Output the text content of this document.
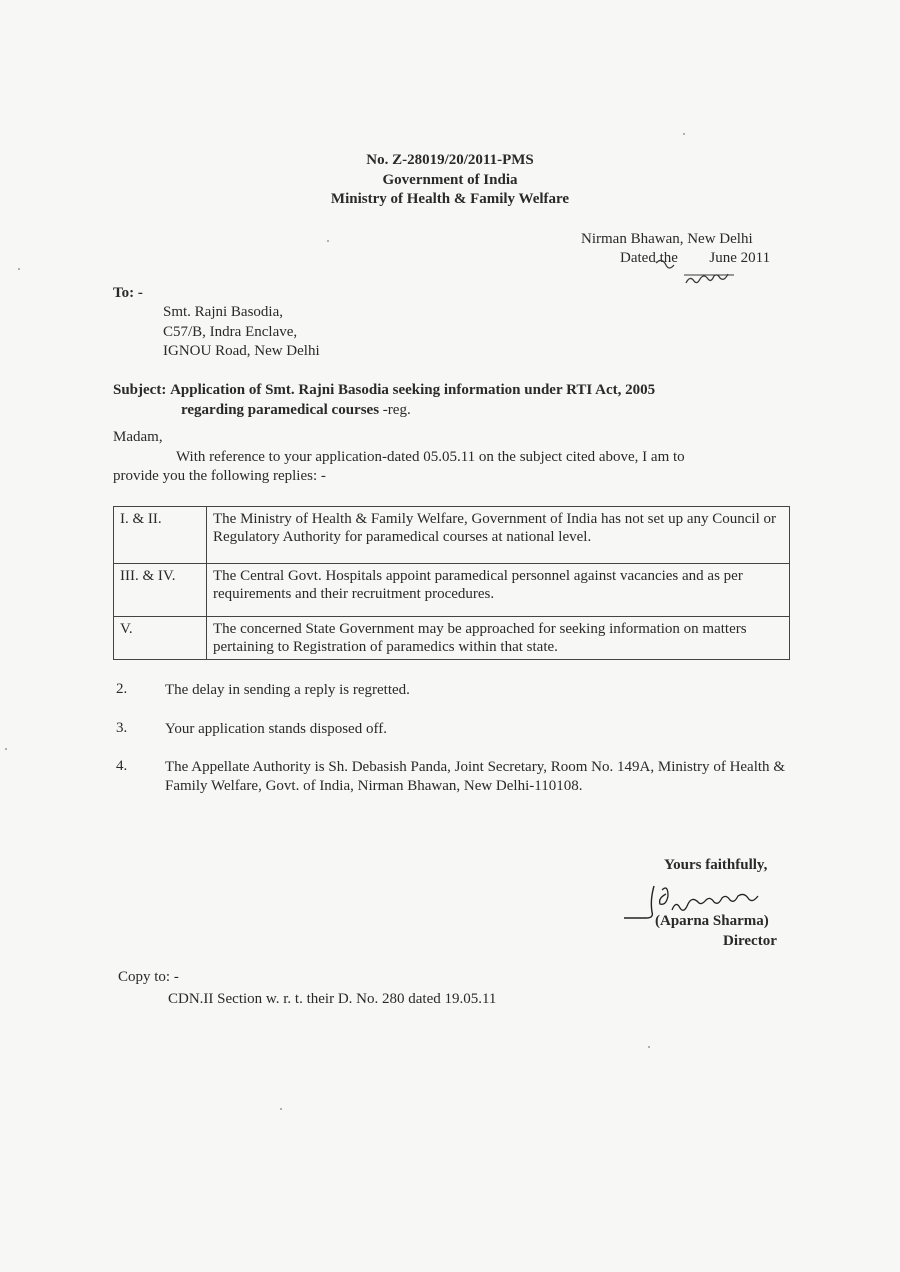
No. Z-28019/20/2011-PMS
Government of India
Ministry of Health & Family Welfare
Nirman Bhawan, New Delhi
Dated the June 2011
To: -
Smt. Rajni Basodia,
C57/B, Indra Enclave,
IGNOU Road, New Delhi
Subject: Application of Smt. Rajni Basodia seeking information under RTI Act, 2005
regarding paramedical courses -reg.
Madam,
With reference to your application-dated 05.05.11 on the subject cited above, I am to
provide you the following replies: -
I. & II.	The Ministry of Health & Family Welfare, Government of India has not set up any Council or Regulatory Authority for paramedical courses at national level.
III. & IV.	The Central Govt. Hospitals appoint paramedical personnel against vacancies and as per requirements and their recruitment procedures.
V.	The concerned State Government may be approached for seeking information on matters pertaining to Registration of paramedics within that state.
2.	The delay in sending a reply is regretted.
3.	Your application stands disposed off.
4.	The Appellate Authority is Sh. Debasish Panda, Joint Secretary, Room No. 149A, Ministry of Health & Family Welfare, Govt. of India, Nirman Bhawan, New Delhi-110108.
Yours faithfully,
(Aparna Sharma)
Director
Copy to: -
CDN.II Section w. r. t. their D. No. 280 dated 19.05.11
